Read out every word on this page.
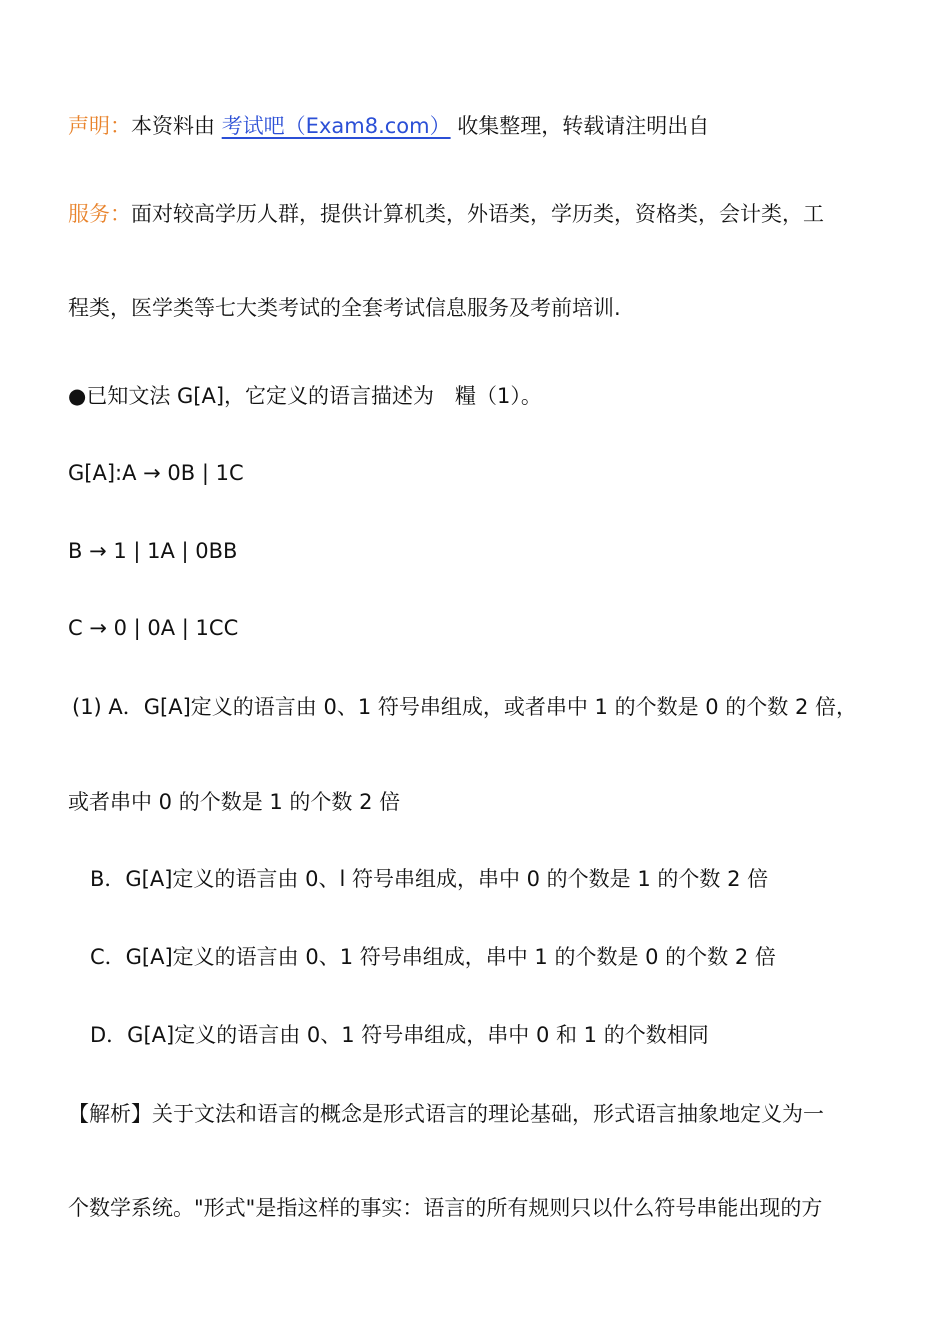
声明：本资料由 考试吧（Exam8.com） 收集整理，转载请注明出自
服务：面对较高学历人群，提供计算机类，外语类，学历类，资格类，会计类，工
程类，医学类等七大类考试的全套考试信息服务及考前培训.
●已知文法 G[A]，它定义的语言描述为　糧（1）。
G[A]:A → 0B | 1C
B → 1 | 1A | 0BB
C → 0 | 0A | 1CC
(1) A．G[A]定义的语言由 0、1 符号串组成，或者串中 1 的个数是 0 的个数 2 倍，
或者串中 0 的个数是 1 的个数 2 倍
B．G[A]定义的语言由 0、l 符号串组成，串中 0 的个数是 1 的个数 2 倍
C．G[A]定义的语言由 0、1 符号串组成，串中 1 的个数是 0 的个数 2 倍
D．G[A]定义的语言由 0、1 符号串组成，串中 0 和 1 的个数相同
【解析】关于文法和语言的概念是形式语言的理论基础，形式语言抽象地定义为一
个数学系统。"形式"是指这样的事实：语言的所有规则只以什么符号串能出现的方
